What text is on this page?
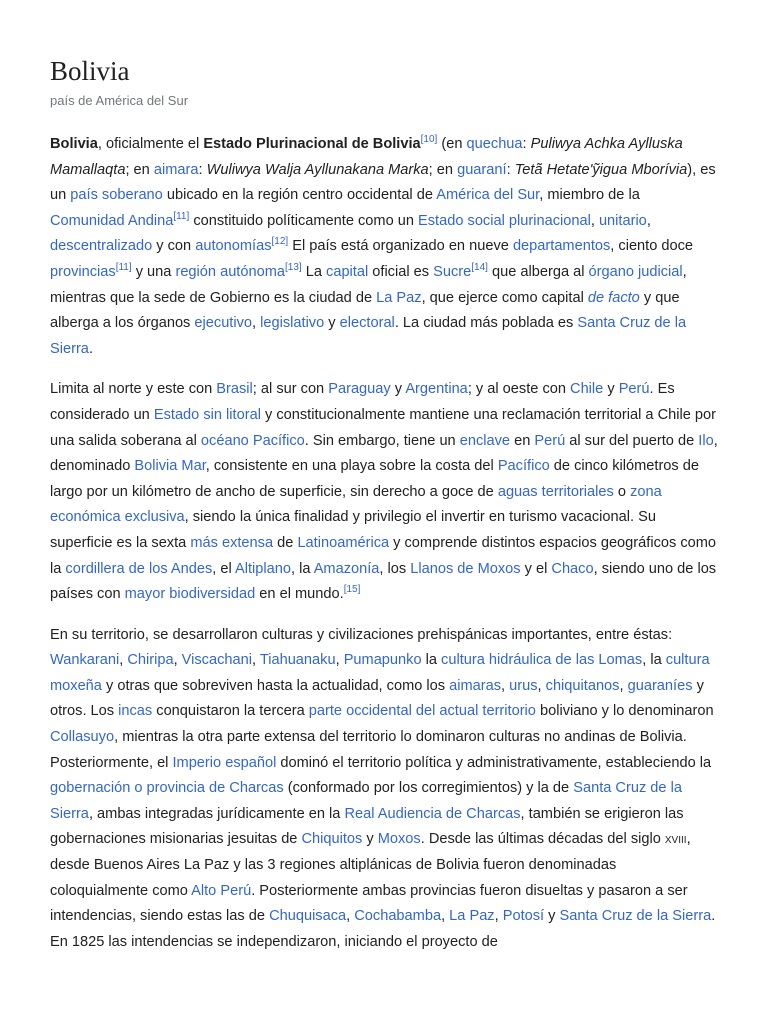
Bolivia
país de América del Sur

Bolivia, oficialmente el Estado Plurinacional de Bolivia[10] (en quechua: Puliwya Achka Aylluska Mamallaqta; en aimara: Wuliwya Walja Ayllunakana Marka; en guaraní: Tetã Hetate'ỹigua Mborívia), es un país soberano ubicado en la región centro occidental de América del Sur, miembro de la Comunidad Andina[11] constituido políticamente como un Estado social plurinacional, unitario, descentralizado y con autonomías[12] El país está organizado en nueve departamentos, ciento doce provincias[11] y una región autónoma[13] La capital oficial es Sucre[14] que alberga al órgano judicial, mientras que la sede de Gobierno es la ciudad de La Paz, que ejerce como capital de facto y que alberga a los órganos ejecutivo, legislativo y electoral. La ciudad más poblada es Santa Cruz de la Sierra.

Limita al norte y este con Brasil; al sur con Paraguay y Argentina; y al oeste con Chile y Perú. Es considerado un Estado sin litoral y constitucionalmente mantiene una reclamación territorial a Chile por una salida soberana al océano Pacífico. Sin embargo, tiene un enclave en Perú al sur del puerto de Ilo, denominado Bolivia Mar, consistente en una playa sobre la costa del Pacífico de cinco kilómetros de largo por un kilómetro de ancho de superficie, sin derecho a goce de aguas territoriales o zona económica exclusiva, siendo la única finalidad y privilegio el invertir en turismo vacacional. Su superficie es la sexta más extensa de Latinoamérica y comprende distintos espacios geográficos como la cordillera de los Andes, el Altiplano, la Amazonía, los Llanos de Moxos y el Chaco, siendo uno de los países con mayor biodiversidad en el mundo.[15]

En su territorio, se desarrollaron culturas y civilizaciones prehispánicas importantes, entre éstas: Wankarani, Chiripa, Viscachani, Tiahuanaku, Pumapunko la cultura hidráulica de las Lomas, la cultura moxeña y otras que sobreviven hasta la actualidad, como los aimaras, urus, chiquitanos, guaraníes y otros. Los incas conquistaron la tercera parte occidental del actual territorio boliviano y lo denominaron Collasuyo, mientras la otra parte extensa del territorio lo dominaron culturas no andinas de Bolivia. Posteriormente, el Imperio español dominó el territorio política y administrativamente, estableciendo la gobernación o provincia de Charcas (conformado por los corregimientos) y la de Santa Cruz de la Sierra, ambas integradas jurídicamente en la Real Audiencia de Charcas, también se erigieron las gobernaciones misionarias jesuitas de Chiquitos y Moxos. Desde las últimas décadas del siglo xviii, desde Buenos Aires La Paz y las 3 regiones altiplánicas de Bolivia fueron denominadas coloquialmente como Alto Perú. Posteriormente ambas provincias fueron disueltas y pasaron a ser intendencias, siendo estas las de Chuquisaca, Cochabamba, La Paz, Potosí y Santa Cruz de la Sierra. En 1825 las intendencias se independizaron, iniciando el proyecto de
